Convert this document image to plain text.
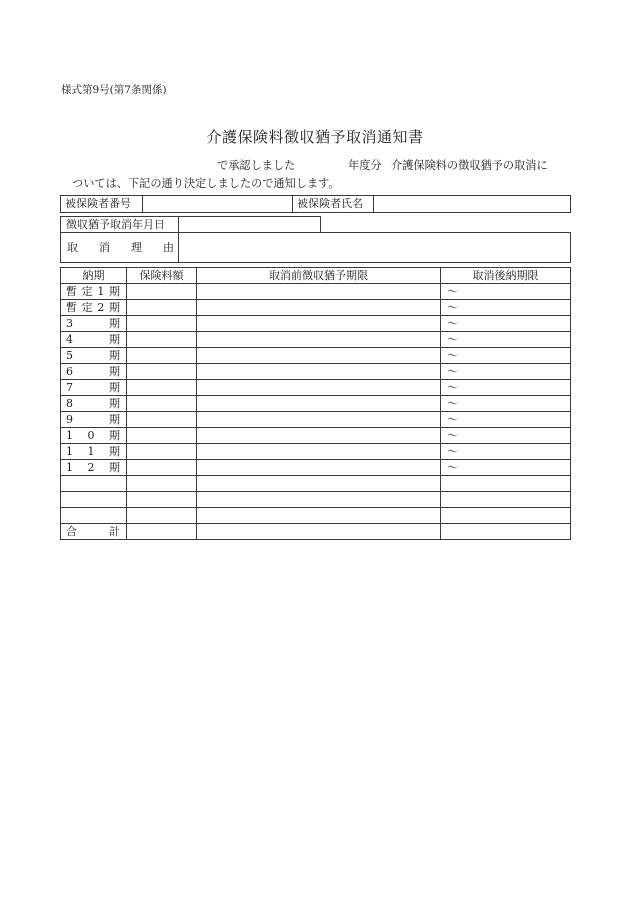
様式第9号(第7条関係)
介護保険料徴収猶予取消通知書
で承認しました	年度分 介護保険料の徴収猶予の取消に
ついては、下記の通り決定しましたので通知します。
被保険者番号		被保険者氏名	
徴収猶予取消年月日	
取 消 理 由

納期	保険料額	取消前徴収猶予期限	取消後納期限

暫 定 1 期			～

暫 定 2 期			～

3 期			～

4 期			～

5 期			～

6 期			～

7 期			～

8 期			～

9 期			～

1 0 期			～

1 1 期			～

1 2 期			～

合 計			
